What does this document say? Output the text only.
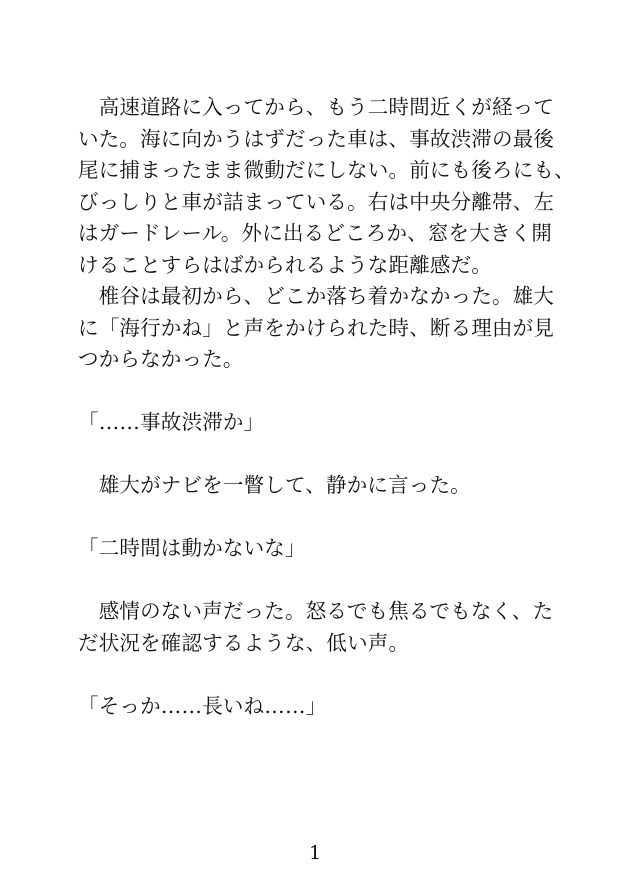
　高速道路に入ってから、もう二時間近くが経って
いた。海に向かうはずだった車は、事故渋滞の最後
尾に捕まったまま微動だにしない。前にも後ろにも、
びっしりと車が詰まっている。右は中央分離帯、左
はガードレール。外に出るどころか、窓を大きく開
けることすらはばかられるような距離感だ。

　椎谷は最初から、どこか落ち着かなかった。雄大
に「海行かね」と声をかけられた時、断る理由が見
つからなかった。

「……事故渋滞か」

　雄大がナビを一瞥して、静かに言った。

「二時間は動かないな」

　感情のない声だった。怒るでも焦るでもなく、た
だ状況を確認するような、低い声。

「そっか……長いね……」

1
